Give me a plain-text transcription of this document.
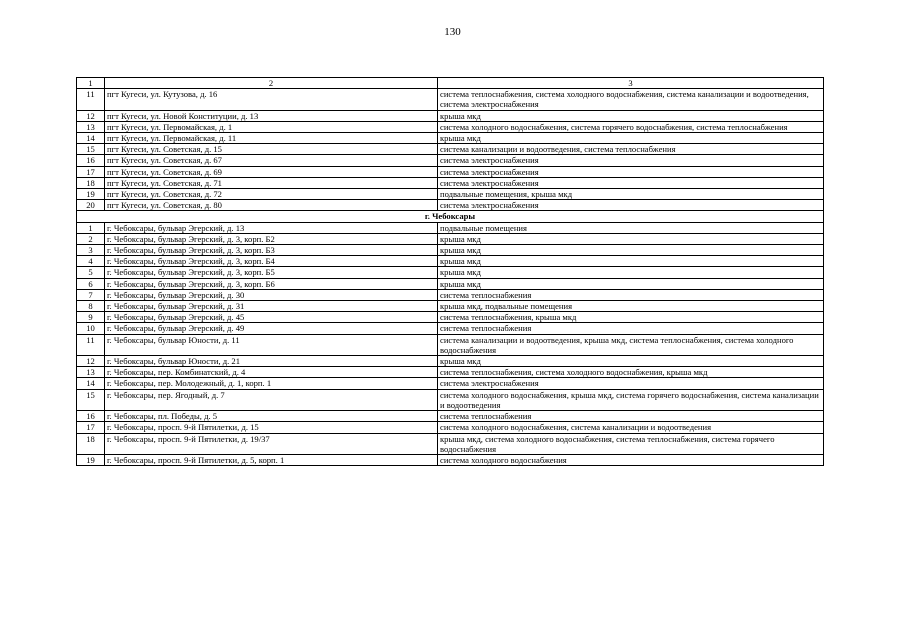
130
1	2	3
11	пгт Кугеси, ул. Кутузова, д. 16	система теплоснабжения, система холодного водоснабжения, система канализации и водоотведения, система электроснабжения
12	пгт Кугеси, ул. Новой Конституции, д. 13	крыша мкд
13	пгт Кугеси, ул. Первомайская, д. 1	система холодного водоснабжения, система горячего водоснабжения, система теплоснабжения
14	пгт Кугеси, ул. Первомайская, д. 11	крыша мкд
15	пгт Кугеси, ул. Советская, д. 15	система канализации и водоотведения, система теплоснабжения
16	пгт Кугеси, ул. Советская, д. 67	система электроснабжения
17	пгт Кугеси, ул. Советская, д. 69	система электроснабжения
18	пгт Кугеси, ул. Советская, д. 71	система электроснабжения
19	пгт Кугеси, ул. Советская, д. 72	подвальные помещения, крыша мкд
20	пгт Кугеси, ул. Советская, д. 80	система электроснабжения
г. Чебоксары		
1	г. Чебоксары, бульвар Эгерский, д. 13	подвальные помещения
2	г. Чебоксары, бульвар Эгерский, д. 3, корп. Б2	крыша мкд
3	г. Чебоксары, бульвар Эгерский, д. 3, корп. Б3	крыша мкд
4	г. Чебоксары, бульвар Эгерский, д. 3, корп. Б4	крыша мкд
5	г. Чебоксары, бульвар Эгерский, д. 3, корп. Б5	крыша мкд
6	г. Чебоксары, бульвар Эгерский, д. 3, корп. Б6	крыша мкд
7	г. Чебоксары, бульвар Эгерский, д. 30	система теплоснабжения
8	г. Чебоксары, бульвар Эгерский, д. 31	крыша мкд, подвальные помещения
9	г. Чебоксары, бульвар Эгерский, д. 45	система теплоснабжения, крыша мкд
10	г. Чебоксары, бульвар Эгерский, д. 49	система теплоснабжения
11	г. Чебоксары, бульвар Юности, д. 11	система канализации и водоотведения, крыша мкд, система теплоснабжения, система холодного водоснабжения
12	г. Чебоксары, бульвар Юности, д. 21	крыша мкд
13	г. Чебоксары, пер. Комбинатский, д. 4	система теплоснабжения, система холодного водоснабжения, крыша мкд
14	г. Чебоксары, пер. Молодежный, д. 1, корп. 1	система электроснабжения
15	г. Чебоксары, пер. Ягодный, д. 7	система холодного водоснабжения, крыша мкд, система горячего водоснабжения, система канализации и водоотведения
16	г. Чебоксары, пл. Победы, д. 5	система теплоснабжения
17	г. Чебоксары, просп. 9-й Пятилетки, д. 15	система холодного водоснабжения, система канализации и водоотведения
18	г. Чебоксары, просп. 9-й Пятилетки, д. 19/37	крыша мкд, система холодного водоснабжения, система теплоснабжения, система горячего водоснабжения
19	г. Чебоксары, просп. 9-й Пятилетки, д. 5, корп. 1	система холодного водоснабжения
